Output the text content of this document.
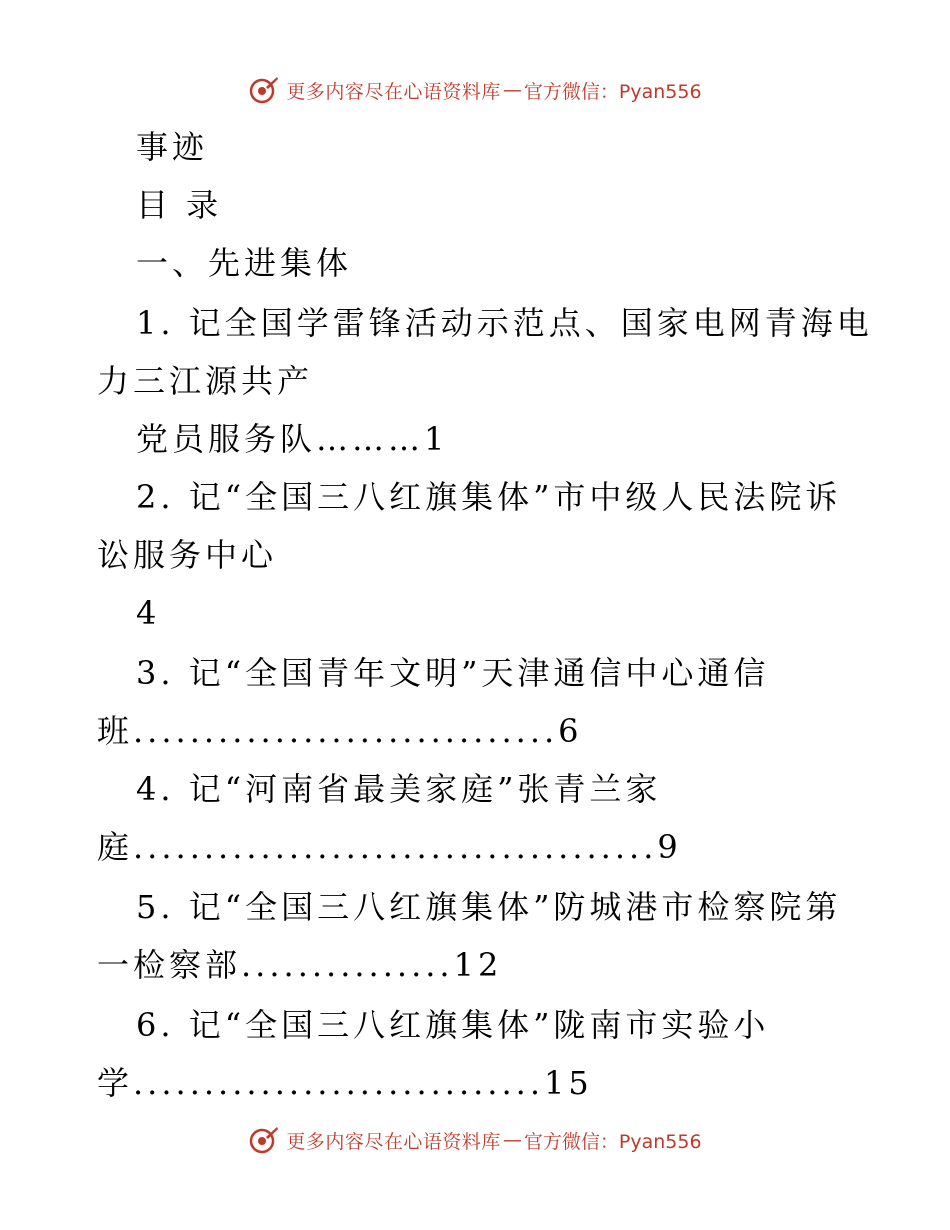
更多内容尽在心语资料库 — 官方微信：Pyan556
事迹
目 录
一、先进集体
1. 记全国学雷锋活动示范点、国家电网青海电
力三江源共产
党员服务队………1
2. 记“全国三八红旗集体”市中级人民法院诉
讼服务中心
4
3. 记“全国青年文明”天津通信中心通信
班..............................6
4. 记“河南省最美家庭”张青兰家
庭.....................................9
5. 记“全国三八红旗集体”防城港市检察院第
一检察部...............12
6. 记“全国三八红旗集体”陇南市实验小
学.............................15
更多内容尽在心语资料库 — 官方微信：Pyan556
